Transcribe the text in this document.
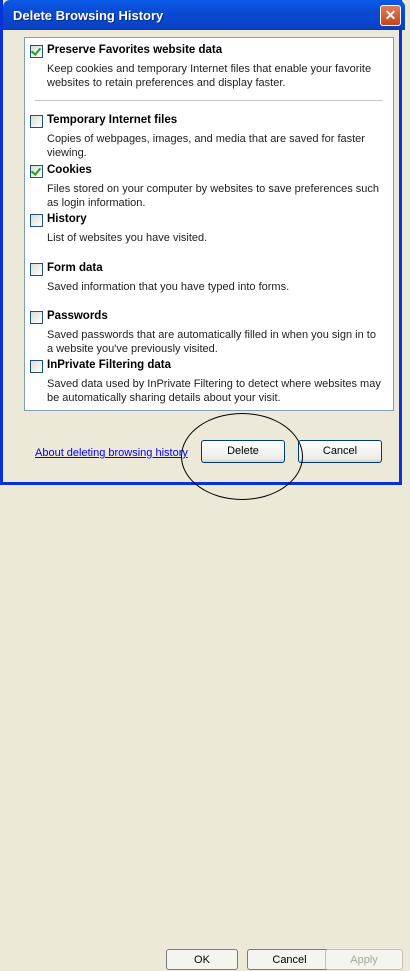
OK	Cancel	Apply
Delete Browsing History	✕
Preserve Favorites website data
Keep cookies and temporary Internet files that enable your favorite websites to retain preferences and display faster.
Temporary Internet files
Copies of webpages, images, and media that are saved for faster viewing.
Cookies
Files stored on your computer by websites to save preferences such as login information.
History
List of websites you have visited.
Form data
Saved information that you have typed into forms.
Passwords
Saved passwords that are automatically filled in when you sign in to a website you've previously visited.
InPrivate Filtering data
Saved data used by InPrivate Filtering to detect where websites may be automatically sharing details about your visit.
About deleting browsing history	Delete	Cancel
